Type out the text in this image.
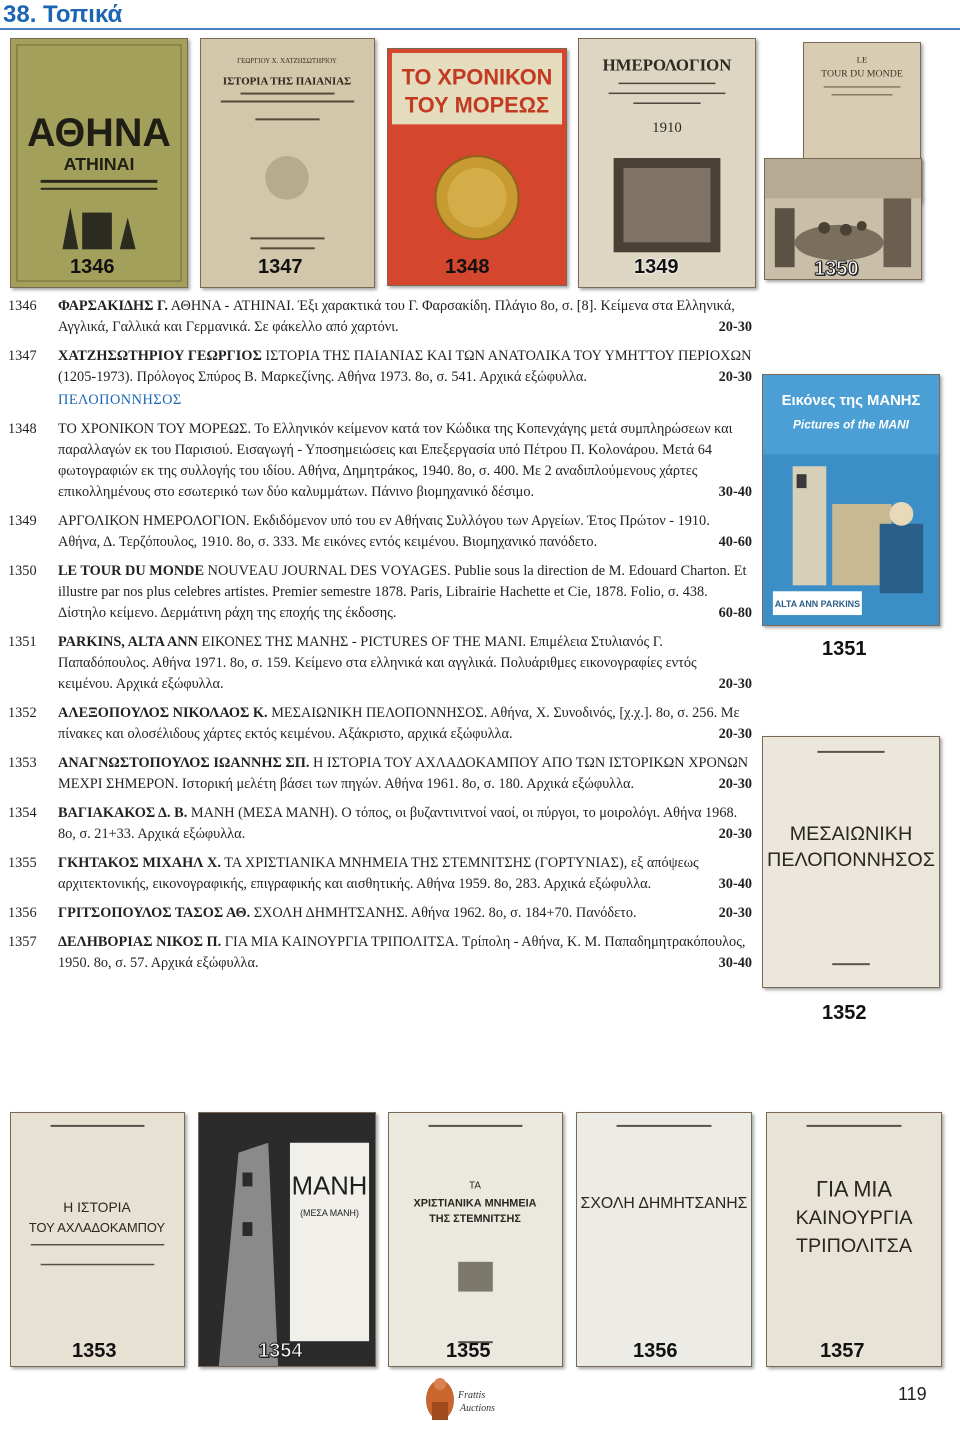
38. Τοπικά
ΑΘΗΝΑ
ATHINAI
1346
ΓΕΩΡΓΙΟΥ Χ. ΧΑΤΖΗΣΩΤΗΡΙΟΥ
ΙΣΤΟΡΙΑ ΤΗΣ ΠΑΙΑΝΙΑΣ
1347
ΤΟ ΧΡΟΝΙΚΟΝ
ΤΟΥ ΜΟΡΕΩΣ
1348
ΗΜΕΡΟΛΟΓΙΟΝ
1910
1349
LE
TOUR DU MONDE
1350
1346	ΦΑΡΣΑΚΙΔΗΣ Γ. ΑΘΗΝΑ - ATHINAI. Έξι χαρακτικά του Γ. Φαρσακίδη. Πλάγιο 8ο, σ. [8]. Κείμενα στα Ελληνικά, Αγγλικά, Γαλλικά και Γερμανικά. Σε φάκελλο από χαρτόνι.	20-30
1347	ΧΑΤΖΗΣΩΤΗΡΙΟΥ ΓΕΩΡΓΙΟΣ ΙΣΤΟΡΙΑ ΤΗΣ ΠΑΙΑΝΙΑΣ ΚΑΙ ΤΩΝ ΑΝΑΤΟΛΙΚΑ ΤΟΥ ΥΜΗΤΤΟΥ ΠΕΡΙΟΧΩΝ (1205-1973). Πρόλογος Σπύρος Β. Μαρκεζίνης. Αθήνα 1973. 8ο, σ. 541. Αρχικά εξώφυλλα.	20-30
ΠΕΛΟΠΟΝΝΗΣΟΣ
1348	ΤΟ ΧΡΟΝΙΚΟΝ ΤΟΥ ΜΟΡΕΩΣ. Το Ελληνικόν κείμενον κατά τον Κώδικα της Κοπενχάγης μετά συμπληρώσεων και παραλλαγών εκ του Παρισιού. Εισαγωγή - Υποσημειώσεις και Επεξεργασία υπό Πέτρου Π. Κολονάρου. Μετά 64 φωτογραφιών εκ της συλλογής του ιδίου. Αθήνα, Δημητράκος, 1940. 8ο, σ. 400. Με 2 αναδιπλούμενους χάρτες επικολλημένους στο εσωτερικό των δύο καλυμμάτων. Πάνινο βιομηχανικό δέσιμο.	30-40
1349	ΑΡΓΟΛΙΚΟΝ ΗΜΕΡΟΛΟΓΙΟΝ. Εκδιδόμενον υπό του εν Αθήναις Συλλόγου των Αργείων. Έτος Πρώτον - 1910. Αθήνα, Δ. Τερζόπουλος, 1910. 8ο, σ. 333. Με εικόνες εντός κειμένου. Βιομηχανικό πανόδετο.	40-60
1350	LE TOUR DU MONDE NOUVEAU JOURNAL DES VOYAGES. Publie sous la direction de M. Edouard Charton. Et illustre par nos plus celebres artistes. Premier semestre 1878. Paris, Librairie Hachette et Cie, 1878. Folio, σ. 438. Δίστηλο κείμενο. Δερμάτινη ράχη της εποχής της έκδοσης.	60-80
1351	PARKINS, ALTA ANN ΕΙΚΟΝΕΣ ΤΗΣ ΜΑΝΗΣ - PICTURES OF THE MANI. Επιμέλεια Στυλιανός Γ. Παπαδόπουλος. Αθήνα 1971. 8ο, σ. 159. Κείμενο στα ελληνικά και αγγλικά. Πολυάριθμες εικονογραφίες εντός κειμένου. Αρχικά εξώφυλλα.	20-30
1352	ΑΛΕΞΟΠΟΥΛΟΣ ΝΙΚΟΛΑΟΣ Κ. ΜΕΣΑΙΩΝΙΚΗ ΠΕΛΟΠΟΝΝΗΣΟΣ. Αθήνα, Χ. Συνοδινός, [χ.χ.]. 8ο, σ. 256. Με πίνακες και ολοσέλιδους χάρτες εκτός κειμένου. Αξάκριστο, αρχικά εξώφυλλα.	20-30
1353	ΑΝΑΓΝΩΣΤΟΠΟΥΛΟΣ ΙΩΑΝΝΗΣ ΣΠ. Η ΙΣΤΟΡΙΑ ΤΟΥ ΑΧΛΑΔΟΚΑΜΠΟΥ ΑΠΟ ΤΩΝ ΙΣΤΟΡΙΚΩΝ ΧΡΟΝΩΝ ΜΕΧΡΙ ΣΗΜΕΡΟΝ. Ιστορική μελέτη βάσει των πηγών. Αθήνα 1961. 8ο, σ. 180. Αρχικά εξώφυλλα.	20-30
1354	ΒΑΓΙΑΚΑΚΟΣ Δ. Β. ΜΑΝΗ (ΜΕΣΑ ΜΑΝΗ). Ο τόπος, οι βυζαντινιτνοί ναοί, οι πύργοι, το μοιρολόγι. Αθήνα 1968. 8ο, σ. 21+33. Αρχικά εξώφυλλα.	20-30
1355	ΓΚΗΤΑΚΟΣ ΜΙΧΑΗΛ Χ. ΤΑ ΧΡΙΣΤΙΑΝΙΚΑ ΜΝΗΜΕΙΑ ΤΗΣ ΣΤΕΜΝΙΤΣΗΣ (ΓΟΡΤΥΝΙΑΣ), εξ απόψεως αρχιτεκτονικής, εικονογραφικής, επιγραφικής και αισθητικής. Αθήνα 1959. 8ο, 283. Αρχικά εξώφυλλα.	30-40
1356	ΓΡΙΤΣΟΠΟΥΛΟΣ ΤΑΣΟΣ ΑΘ. ΣΧΟΛΗ ΔΗΜΗΤΣΑΝΗΣ. Αθήνα 1962. 8ο, σ. 184+70. Πανόδετο.	20-30
1357	ΔΕΛΗΒΟΡΙΑΣ ΝΙΚΟΣ Π. ΓΙΑ ΜΙΑ ΚΑΙΝΟΥΡΓΙΑ ΤΡΙΠΟΛΙΤΣΑ. Τρίπολη - Αθήνα, Κ. Μ. Παπαδημητρακόπουλος, 1950. 8ο, σ. 57. Αρχικά εξώφυλλα.	30-40
Εικόνες της ΜΑΝΗΣ
Pictures of the MANI
ALTA ANN PARKINS
1351
ΜΕΣΑΙΩΝΙΚΗ
ΠΕΛΟΠΟΝΝΗΣΟΣ
1352
Η ΙΣΤΟΡΙΑ
ΤΟΥ ΑΧΛΑΔΟΚΑΜΠΟΥ
1353
ΜΑΝΗ
(ΜΕΣΑ ΜΑΝΗ)
1354
ΤΑ
ΧΡΙΣΤΙΑΝΙΚΑ ΜΝΗΜΕΙΑ
ΤΗΣ ΣΤΕΜΝΙΤΣΗΣ
1355
ΣΧΟΛΗ ΔΗΜΗΤΣΑΝΗΣ
1356
ΓΙΑ ΜΙΑ
ΚΑΙΝΟΥΡΓΙΑ
ΤΡΙΠΟΛΙΤΣΑ
1357
Frattis
Auctions
119
